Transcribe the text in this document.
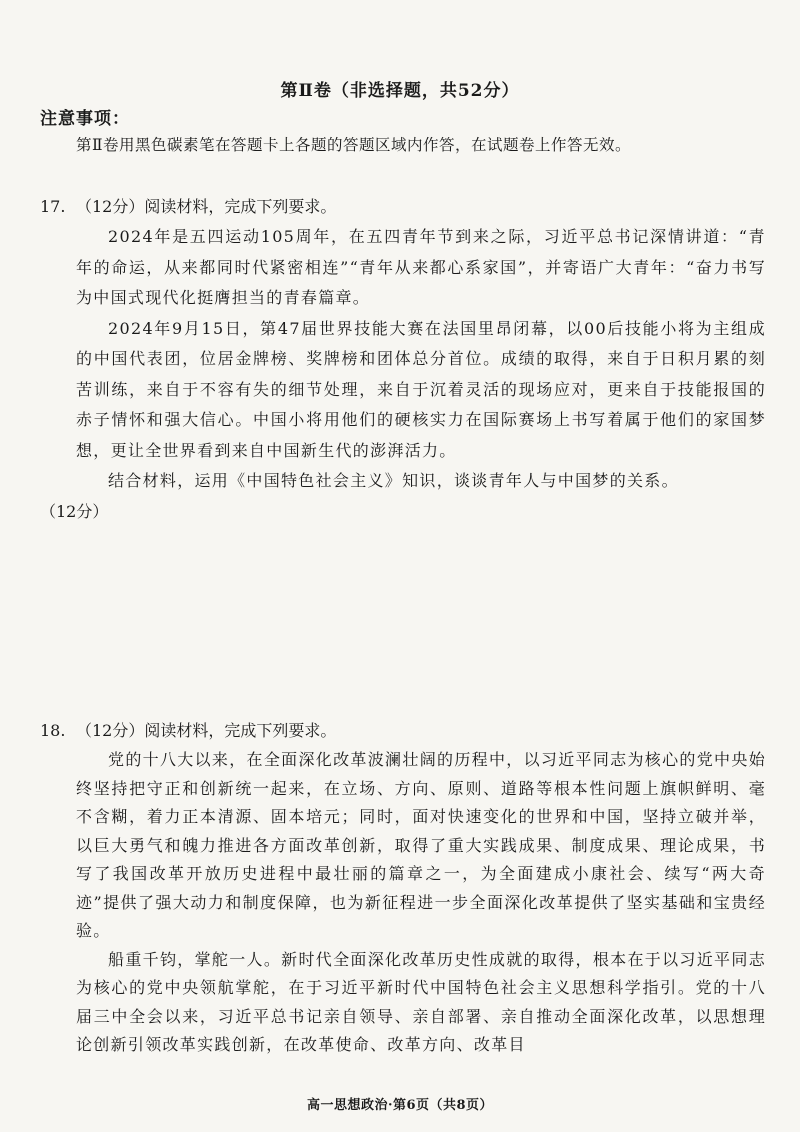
第Ⅱ卷（非选择题，共52分）
注意事项：
第Ⅱ卷用黑色碳素笔在答题卡上各题的答题区域内作答，在试题卷上作答无效。
17. （12分）阅读材料，完成下列要求。

2024年是五四运动105周年，在五四青年节到来之际，习近平总书记深情讲道：“青年的命运，从来都同时代紧密相连”“青年从来都心系家国”，并寄语广大青年：“奋力书写为中国式现代化挺膺担当的青春篇章。

2024年9月15日，第47届世界技能大赛在法国里昂闭幕，以00后技能小将为主组成的中国代表团，位居金牌榜、奖牌榜和团体总分首位。成绩的取得，来自于日积月累的刻苦训练，来自于不容有失的细节处理，来自于沉着灵活的现场应对，更来自于技能报国的赤子情怀和强大信心。中国小将用他们的硬核实力在国际赛场上书写着属于他们的家国梦想，更让全世界看到来自中国新生代的澎湃活力。

结合材料，运用《中国特色社会主义》知识，谈谈青年人与中国梦的关系。

（12分）
18. （12分）阅读材料，完成下列要求。

党的十八大以来，在全面深化改革波澜壮阔的历程中，以习近平同志为核心的党中央始终坚持把守正和创新统一起来，在立场、方向、原则、道路等根本性问题上旗帜鲜明、毫不含糊，着力正本清源、固本培元；同时，面对快速变化的世界和中国，坚持立破并举，以巨大勇气和魄力推进各方面改革创新，取得了重大实践成果、制度成果、理论成果，书写了我国改革开放历史进程中最壮丽的篇章之一，为全面建成小康社会、续写“两大奇迹”提供了强大动力和制度保障，也为新征程进一步全面深化改革提供了坚实基础和宝贵经验。

船重千钧，掌舵一人。新时代全面深化改革历史性成就的取得，根本在于以习近平同志为核心的党中央领航掌舵，在于习近平新时代中国特色社会主义思想科学指引。党的十八届三中全会以来，习近平总书记亲自领导、亲自部署、亲自推动全面深化改革，以思想理论创新引领改革实践创新，在改革使命、改革方向、改革目

高一思想政治·第6页（共8页）
